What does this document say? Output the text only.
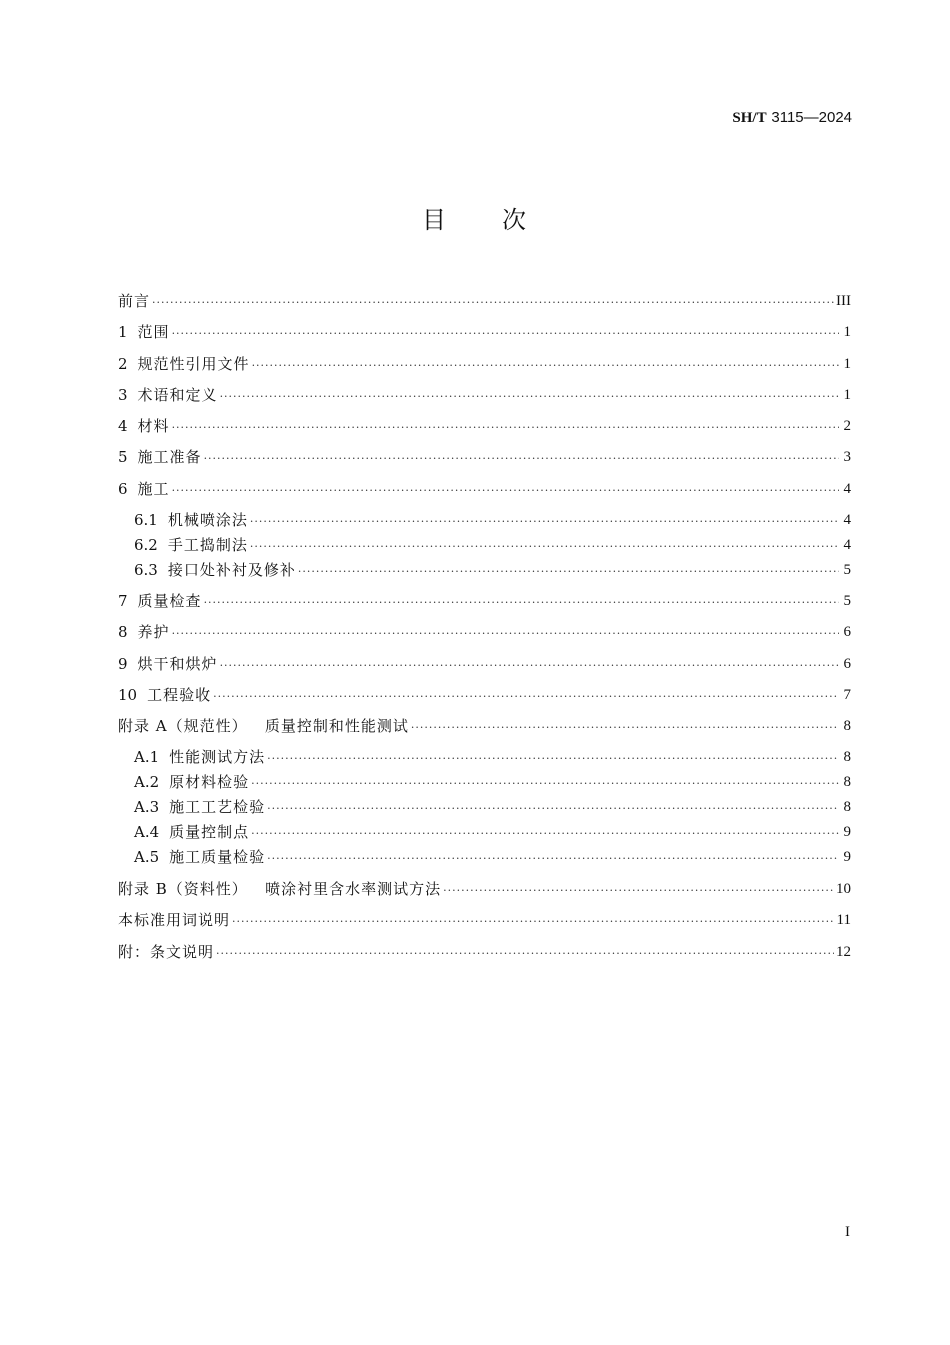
SH/T 3115—2024
目 次
前言 ·····	III
1 范围 ·····	1
2 规范性引用文件 ·····	1
3 术语和定义 ·····	1
4 材料 ·····	2
5 施工准备 ·····	3
6 施工 ·····	4
6.1 机械喷涂法 ·····	4
6.2 手工捣制法 ·····	4
6.3 接口处补衬及修补 ·····	5
7 质量检查 ·····	5
8 养护 ·····	6
9 烘干和烘炉 ·····	6
10 工程验收 ·····	7
附录 A（规范性）   质量控制和性能测试 ·····	8
A.1 性能测试方法 ·····	8
A.2 原材料检验 ·····	8
A.3 施工工艺检验 ·····	8
A.4 质量控制点 ·····	9
A.5 施工质量检验 ·····	9
附录 B（资料性）   喷涂衬里含水率测试方法 ·····	10
本标准用词说明 ·····	11
附：条文说明 ·····	12
I
